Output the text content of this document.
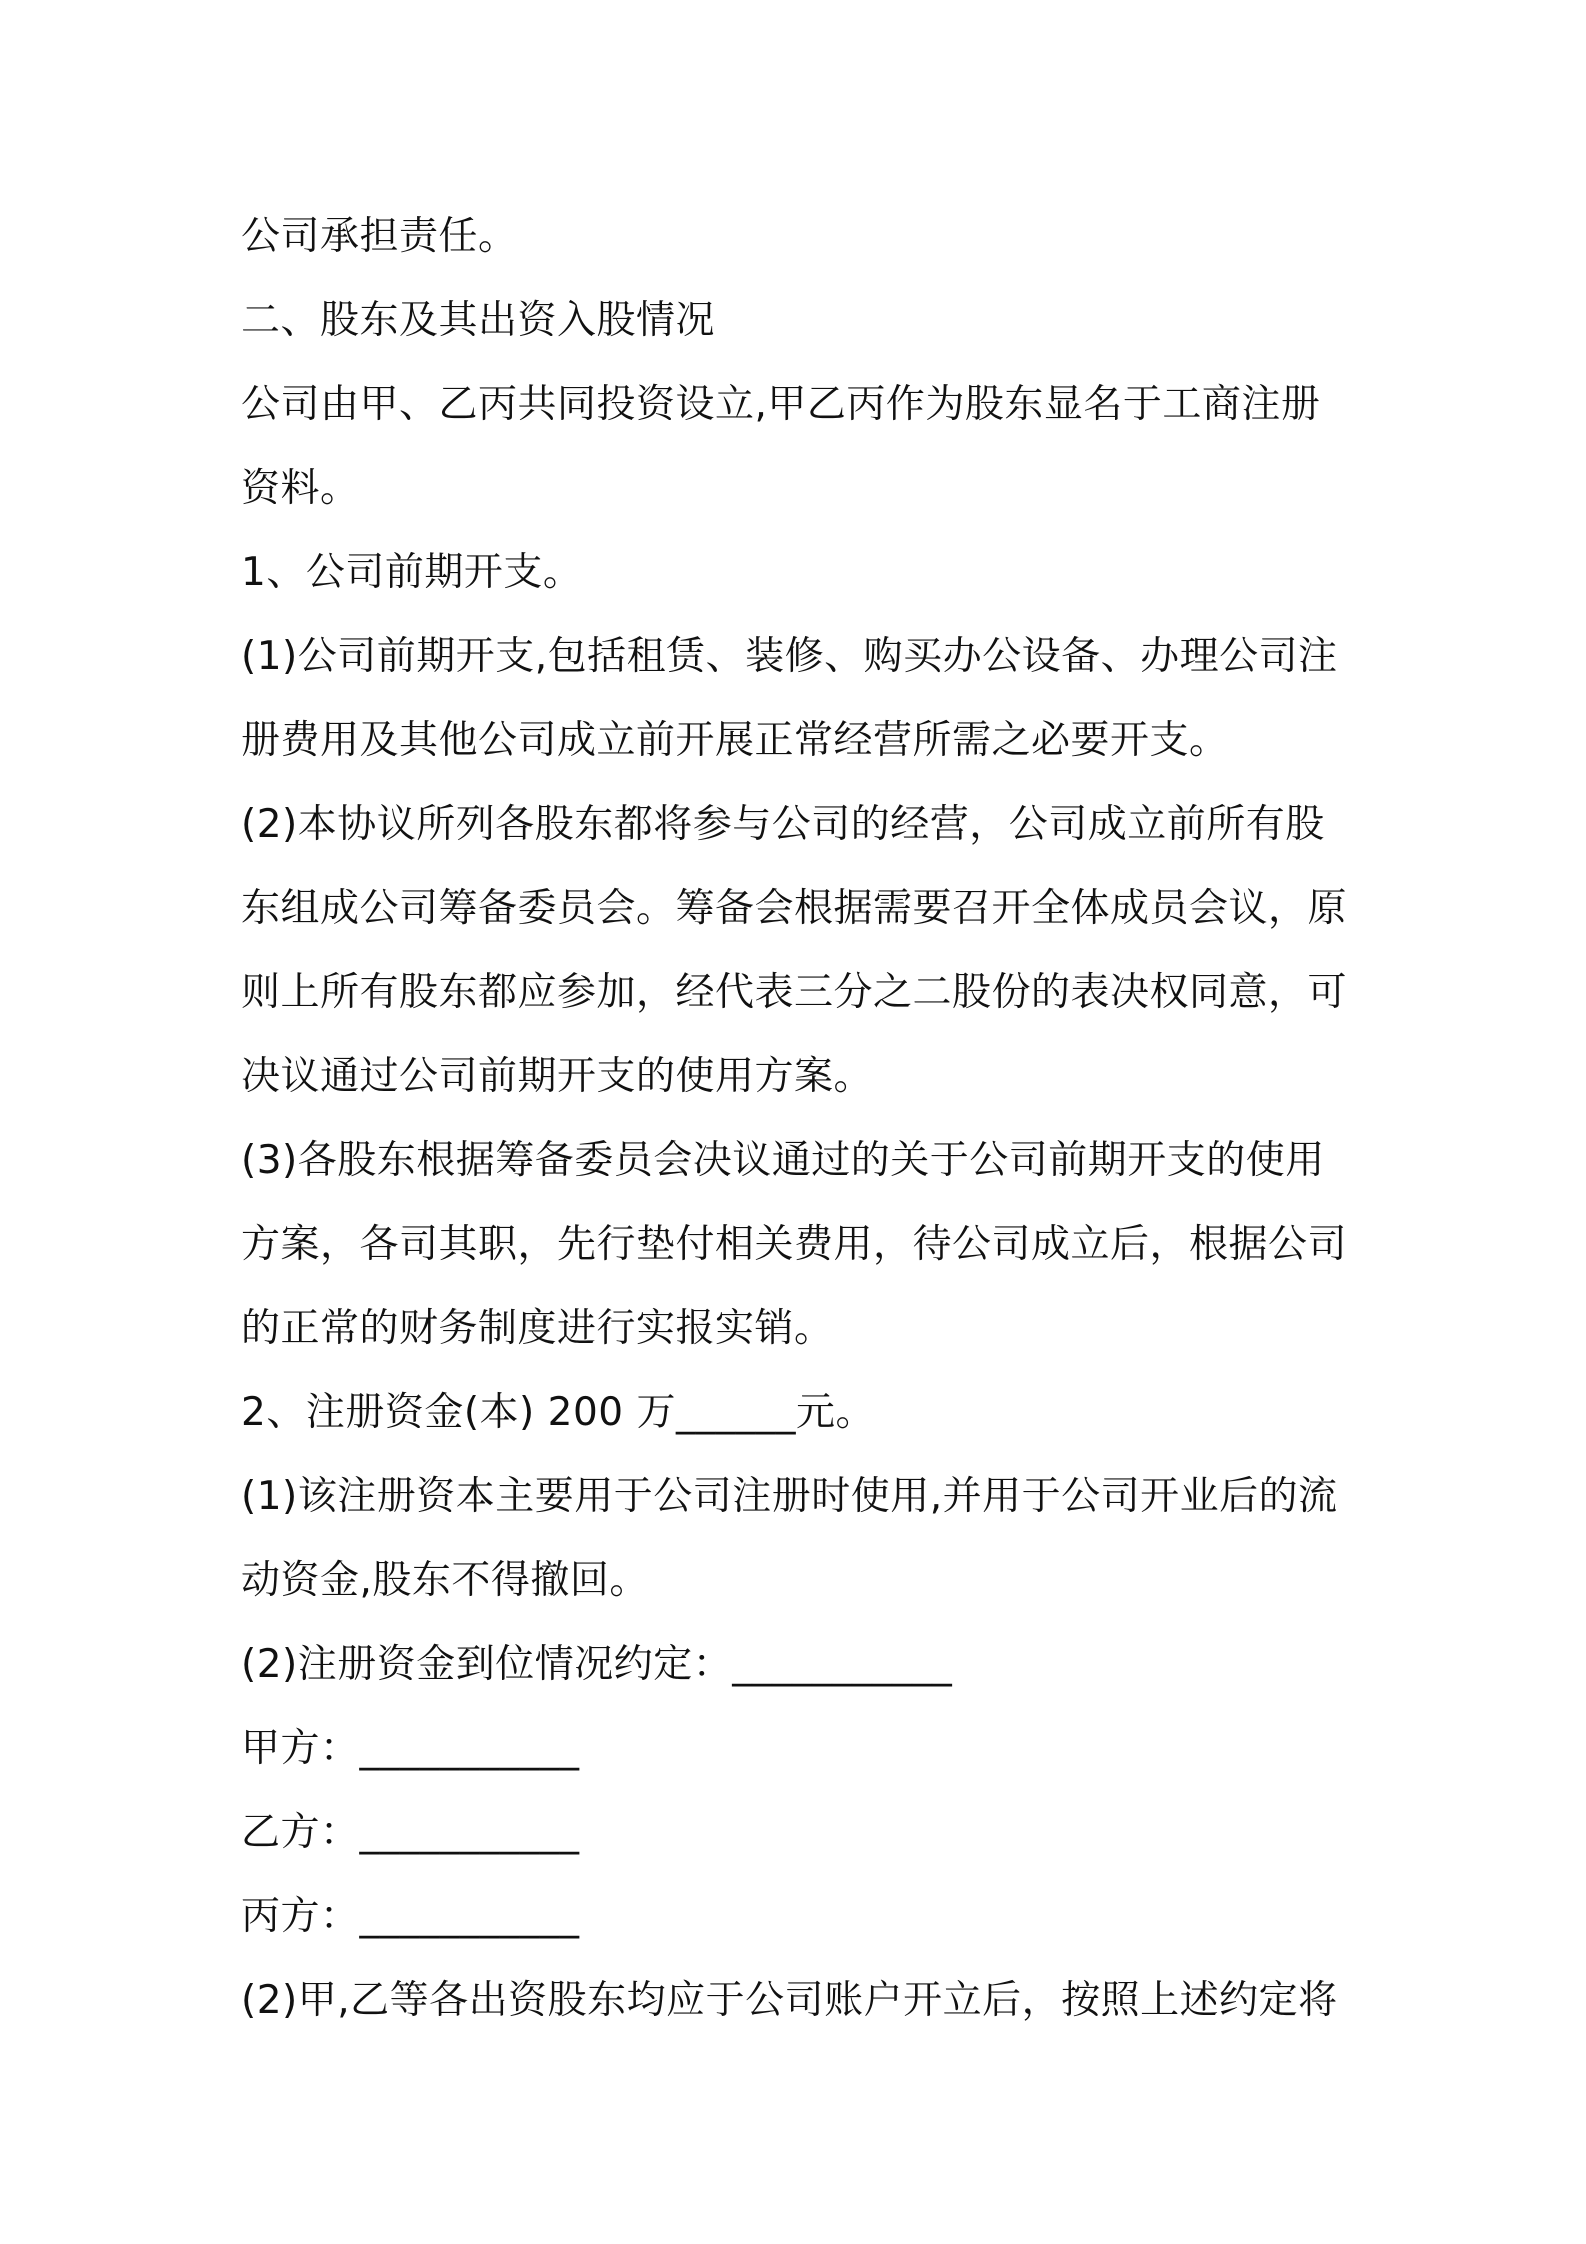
公司承担责任。
二、股东及其出资入股情况
公司由甲、乙丙共同投资设立,甲乙丙作为股东显名于工商注册
资料。
1、公司前期开支。
(1)公司前期开支,包括租赁、装修、购买办公设备、办理公司注
册费用及其他公司成立前开展正常经营所需之必要开支。
(2)本协议所列各股东都将参与公司的经营，公司成立前所有股
东组成公司筹备委员会。筹备会根据需要召开全体成员会议，原
则上所有股东都应参加，经代表三分之二股份的表决权同意，可
决议通过公司前期开支的使用方案。
(3)各股东根据筹备委员会决议通过的关于公司前期开支的使用
方案，各司其职，先行垫付相关费用，待公司成立后，根据公司
的正常的财务制度进行实报实销。
2、注册资金(本) 200 万______元。
(1)该注册资本主要用于公司注册时使用,并用于公司开业后的流
动资金,股东不得撤回。
(2)注册资金到位情况约定：___________
甲方：___________
乙方：___________
丙方：___________
(2)甲,乙等各出资股东均应于公司账户开立后，按照上述约定将
